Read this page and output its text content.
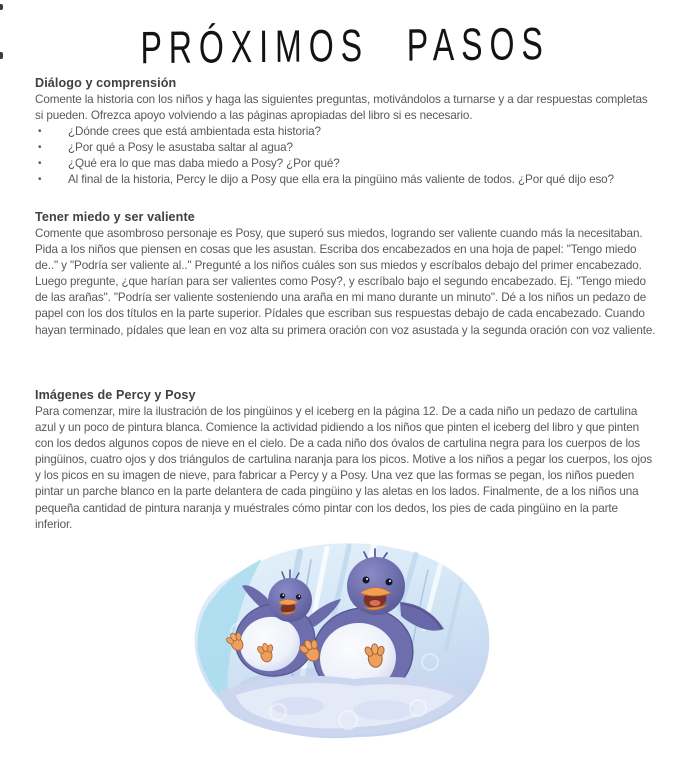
PRÓXIMOS PASOS
Diálogo y comprensión

Comente la historia con los niños y haga las siguientes preguntas, motivándolos a turnarse y a dar respuestas completas si pueden. Ofrezca apoyo volviendo a las páginas apropiadas del libro si es necesario.

• ¿Dónde crees que está ambientada esta historia?
• ¿Por qué a Posy le asustaba saltar al agua?
• ¿Qué era lo que mas daba miedo a Posy? ¿Por qué?
• Al final de la historia, Percy le dijo a Posy que ella era la pingüino más valiente de todos. ¿Por qué dijo eso?
Tener miedo y ser valiente

Comente que asombroso personaje es Posy, que superó sus miedos, logrando ser valiente cuando más la necesitaban. Pida a los niños que piensen en cosas que les asustan. Escriba dos encabezados en una hoja de papel: "Tengo miedo de.." y "Podría ser valiente al.." Pregunté a los niños cuáles son sus miedos y escríbalos debajo del primer encabezado. Luego pregunte, ¿que harían para ser valientes como Posy?, y escríbalo bajo el segundo encabezado. Ej. "Tengo miedo de las arañas". "Podría ser valiente sosteniendo una araña en mi mano durante un minuto". Dé a los niños un pedazo de papel con los dos títulos en la parte superior. Pídales que escriban sus respuestas debajo de cada encabezado. Cuando hayan terminado, pídales que lean en voz alta su primera oración con voz asustada y la segunda oración con voz valiente.

Imágenes de Percy y Posy

Para comenzar, mire la ilustración de los pingüinos y el iceberg en la página 12. De a cada niño un pedazo de cartulina azul y un poco de pintura blanca. Comience la actividad pidiendo a los niños que pinten el iceberg del libro y que pinten con los dedos algunos copos de nieve en el cielo. De a cada niño dos óvalos de cartulina negra para los cuerpos de los pingüinos, cuatro ojos y dos triángulos de cartulina naranja para los picos. Motive a los niños a pegar los cuerpos, los ojos y los picos en su imagen de nieve, para fabricar a Percy y a Posy. Una vez que las formas se pegan, los niños pueden pintar un parche blanco en la parte delantera de cada pingüino y las aletas en los lados. Finalmente, de a los niños una pequeña cantidad de pintura naranja y muéstrales cómo pintar con los dedos, los pies de cada pingüino en la parte inferior.
